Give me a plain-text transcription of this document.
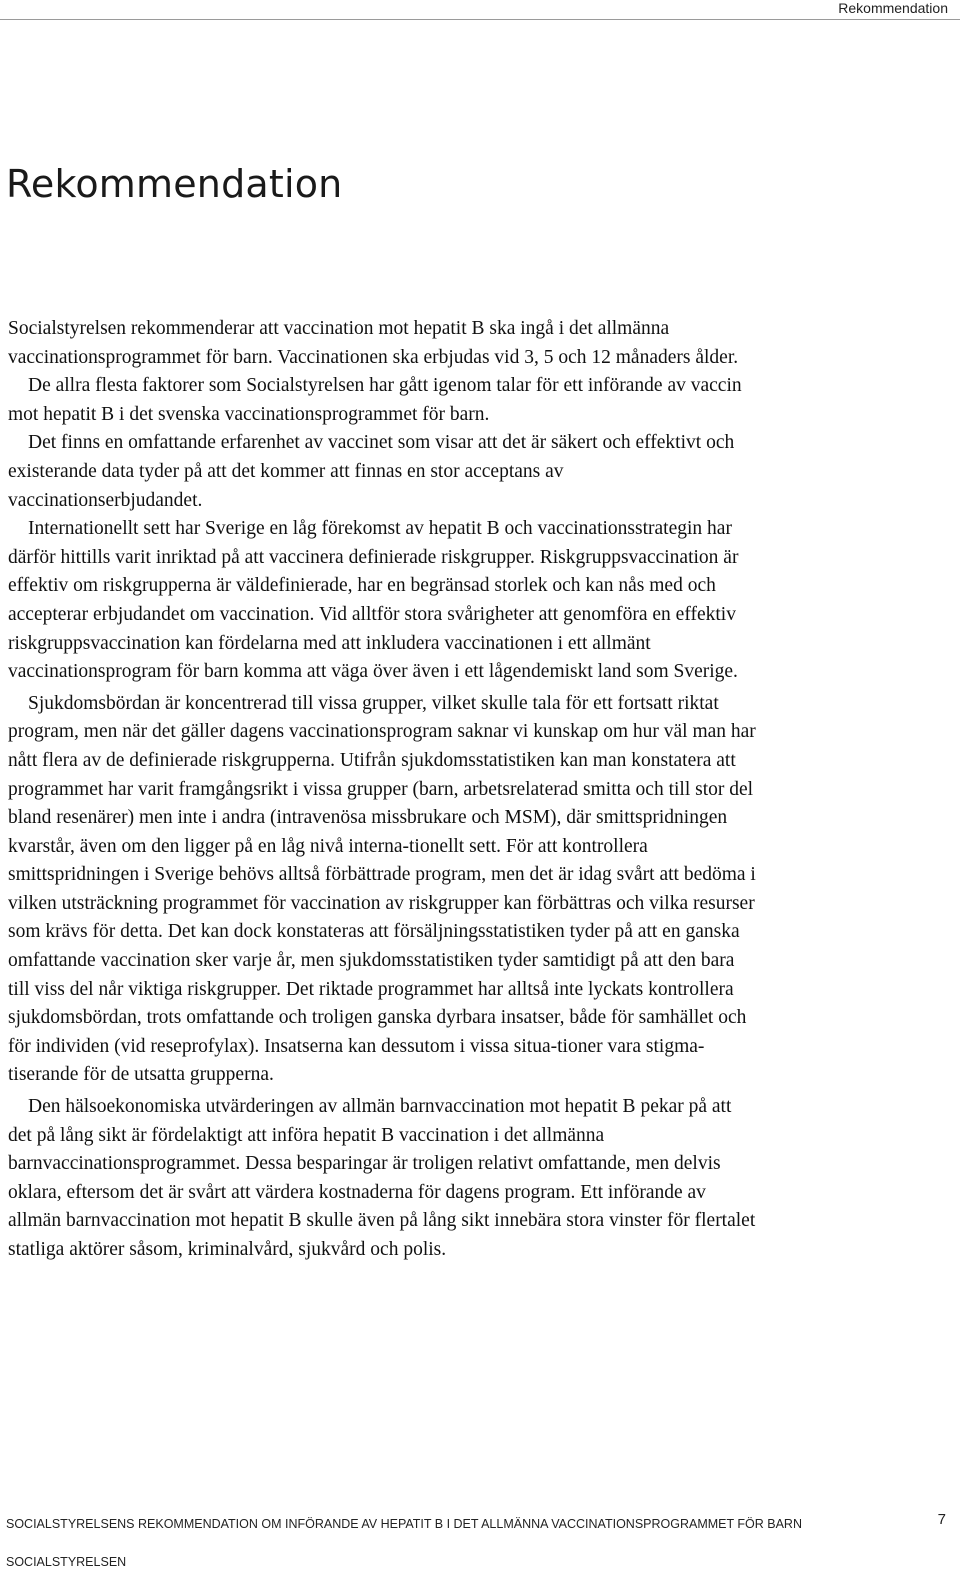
Rekommendation
Rekommendation

Socialstyrelsen rekommenderar att vaccination mot hepatit B ska ingå i det allmänna vaccinationsprogrammet för barn. Vaccinationen ska erbjudas vid 3, 5 och 12 månaders ålder.

De allra flesta faktorer som Socialstyrelsen har gått igenom talar för ett införande av vaccin mot hepatit B i det svenska vaccinationsprogrammet för barn.

Det finns en omfattande erfarenhet av vaccinet som visar att det är säkert och effektivt och existerande data tyder på att det kommer att finnas en stor acceptans av vaccinationserbjudandet.

Internationellt sett har Sverige en låg förekomst av hepatit B och vaccinationsstrategin har därför hittills varit inriktad på att vaccinera definierade riskgrupper. Riskgruppsvaccination är effektiv om riskgrupperna är väldefinierade, har en begränsad storlek och kan nås med och accepterar erbjudandet om vaccination. Vid alltför stora svårigheter att genomföra en effektiv riskgruppsvaccination kan fördelarna med att inkludera vaccinationen i ett allmänt vaccinationsprogram för barn komma att väga över även i ett lågendemiskt land som Sverige.

Sjukdomsbördan är koncentrerad till vissa grupper, vilket skulle tala för ett fortsatt riktat program, men när det gäller dagens vaccinationsprogram saknar vi kunskap om hur väl man har nått flera av de definierade riskgrupperna. Utifrån sjukdomsstatistiken kan man konstatera att programmet har varit framgångsrikt i vissa grupper (barn, arbetsrelaterad smitta och till stor del bland resenärer) men inte i andra (intravenösa missbrukare och MSM), där smittspridningen kvarstår, även om den ligger på en låg nivå interna-tionellt sett. För att kontrollera smittspridningen i Sverige behövs alltså förbättrade program, men det är idag svårt att bedöma i vilken utsträckning programmet för vaccination av riskgrupper kan förbättras och vilka resurser som krävs för detta. Det kan dock konstateras att försäljningsstatistiken tyder på att en ganska omfattande vaccination sker varje år, men sjukdomsstatistiken tyder samtidigt på att den bara till viss del når viktiga riskgrupper. Det riktade programmet har alltså inte lyckats kontrollera sjukdomsbördan, trots omfattande och troligen ganska dyrbara insatser, både för samhället och för individen (vid reseprofylax). Insatserna kan dessutom i vissa situa-tioner vara stigmatiserande för de utsatta grupperna.

Den hälsoekonomiska utvärderingen av allmän barnvaccination mot hepatit B pekar på att det på lång sikt är fördelaktigt att införa hepatit B vaccination i det allmänna barnvaccinationsprogrammet. Dessa besparingar är troligen relativt omfattande, men delvis oklara, eftersom det är svårt att värdera kostnaderna för dagens program. Ett införande av allmän barnvaccination mot hepatit B skulle även på lång sikt innebära stora vinster för flertalet statliga aktörer såsom, kriminalvård, sjukvård och polis.

SOCIALSTYRELSENS REKOMMENDATION OM INFÖRANDE AV HEPATIT B I DET ALLMÄNNA VACCINATIONSPROGRAMMET FÖR BARN
SOCIALSTYRELSEN
7
